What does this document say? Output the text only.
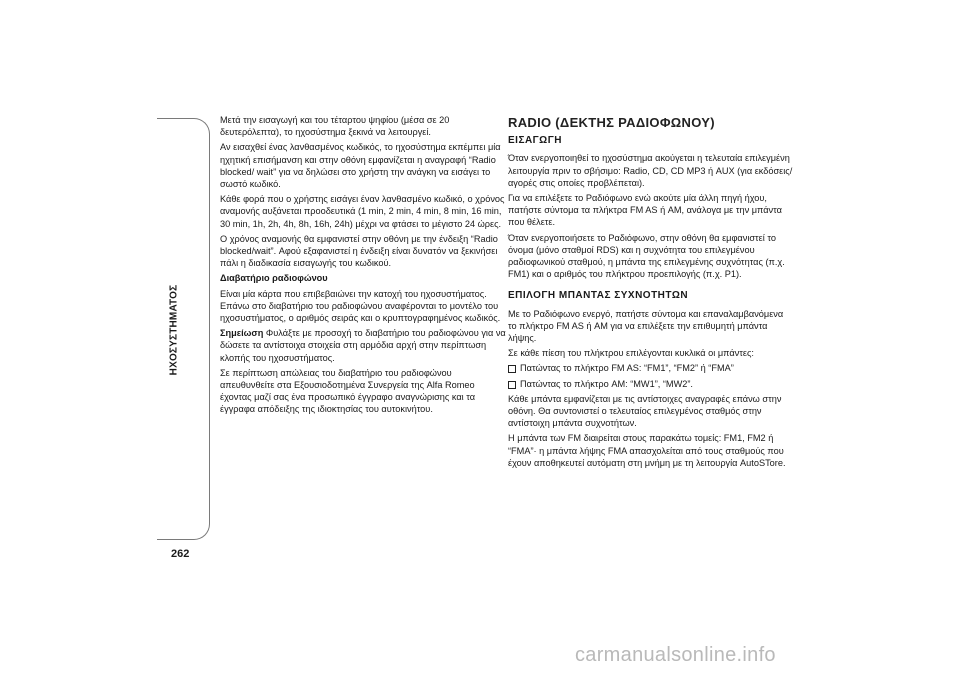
ΗΧΟΣΥΣΤΗΜΑΤΟΣ
262

Μετά την εισαγωγή και του τέταρτου ψηφίου (μέσα σε 20 δευτερόλεπτα), το ηχοσύστημα ξεκινά να λειτουργεί.

Αν εισαχθεί ένας λανθασμένος κωδικός, το ηχοσύστημα εκπέμπει μία ηχητική επισήμανση και στην οθόνη εμφανίζεται η αναγραφή “Radio blocked/ wait” για να δηλώσει στο χρήστη την ανάγκη να εισάγει το σωστό κωδικό.

Κάθε φορά που ο χρήστης εισάγει έναν λανθασμένο κωδικό, ο χρόνος αναμονής αυξάνεται προοδευτικά (1 min, 2 min, 4 min, 8 min, 16 min, 30 min, 1h, 2h, 4h, 8h, 16h, 24h) μέχρι να φτάσει το μέγιστο 24 ώρες.

Ο χρόνος αναμονής θα εμφανιστεί στην οθόνη με την ένδειξη “Radio blocked/wait”. Αφού εξαφανιστεί η ένδειξη είναι δυνατόν να ξεκινήσει πάλι η διαδικασία εισαγωγής του κωδικού.

Διαβατήριο ραδιοφώνου

Είναι μία κάρτα που επιβεβαιώνει την κατοχή του ηχοσυστήματος. Επάνω στο διαβατήριο του ραδιοφώνου αναφέρονται το μοντέλο του ηχοσυστήματος, ο αριθμός σειράς και ο κρυπτογραφημένος κωδικός.

Σημείωση Φυλάξτε με προσοχή το διαβατήριο του ραδιοφώνου για να δώσετε τα αντίστοιχα στοιχεία στη αρμόδια αρχή στην περίπτωση κλοπής του ηχοσυστήματος.

Σε περίπτωση απώλειας του διαβατήριο του ραδιοφώνου απευθυνθείτε στα Εξουσιοδοτημένα Συνεργεία της Alfa Romeo έχοντας μαζί σας ένα προσωπικό έγγραφο αναγνώρισης και τα έγγραφα απόδειξης της ιδιοκτησίας του αυτοκινήτου.

RADIO (ΔΕΚΤΗΣ ΡΑΔΙΟΦΩΝΟΥ)
ΕΙΣΑΓΩΓΗ

Όταν ενεργοποιηθεί το ηχοσύστημα ακούγεται η τελευταία επιλεγμένη λειτουργία πριν το σβήσιμο: Radio, CD, CD MP3 ή AUX (για εκδόσεις/αγορές στις οποίες προβλέπεται).

Για να επιλέξετε το Ραδιόφωνο ενώ ακούτε μία άλλη πηγή ήχου, πατήστε σύντομα τα πλήκτρα FM AS ή AM, ανάλογα με την μπάντα που θέλετε.

Όταν ενεργοποιήσετε το Ραδιόφωνο, στην οθόνη θα εμφανιστεί το όνομα (μόνο σταθμοί RDS) και η συχνότητα του επιλεγμένου ραδιοφωνικού σταθμού, η μπάντα της επιλεγμένης συχνότητας (π.χ. FM1) και ο αριθμός του πλήκτρου προεπιλογής (π.χ. P1).

ΕΠΙΛΟΓΗ ΜΠΑΝΤΑΣ ΣΥΧΝΟΤΗΤΩΝ

Με το Ραδιόφωνο ενεργό, πατήστε σύντομα και επαναλαμβανόμενα το πλήκτρο FM AS ή AM για να επιλέξετε την επιθυμητή μπάντα λήψης.

Σε κάθε πίεση του πλήκτρου επιλέγονται κυκλικά οι μπάντες:

Πατώντας το πλήκτρο FM AS: “FM1”, “FM2” ή “FMA”
Πατώντας το πλήκτρο AM: “MW1”, “MW2”.

Κάθε μπάντα εμφανίζεται με τις αντίστοιχες αναγραφές επάνω στην οθόνη. Θα συντονιστεί ο τελευταίος επιλεγμένος σταθμός στην αντίστοιχη μπάντα συχνοτήτων.

Η μπάντα των FM διαιρείται στους παρακάτω τομείς: FM1, FM2 ή “FMA”· η μπάντα λήψης FMA απασχολείται από τους σταθμούς που έχουν αποθηκευτεί αυτόματη στη μνήμη με τη λειτουργία AutoSTore.

carmanualsonline.info
